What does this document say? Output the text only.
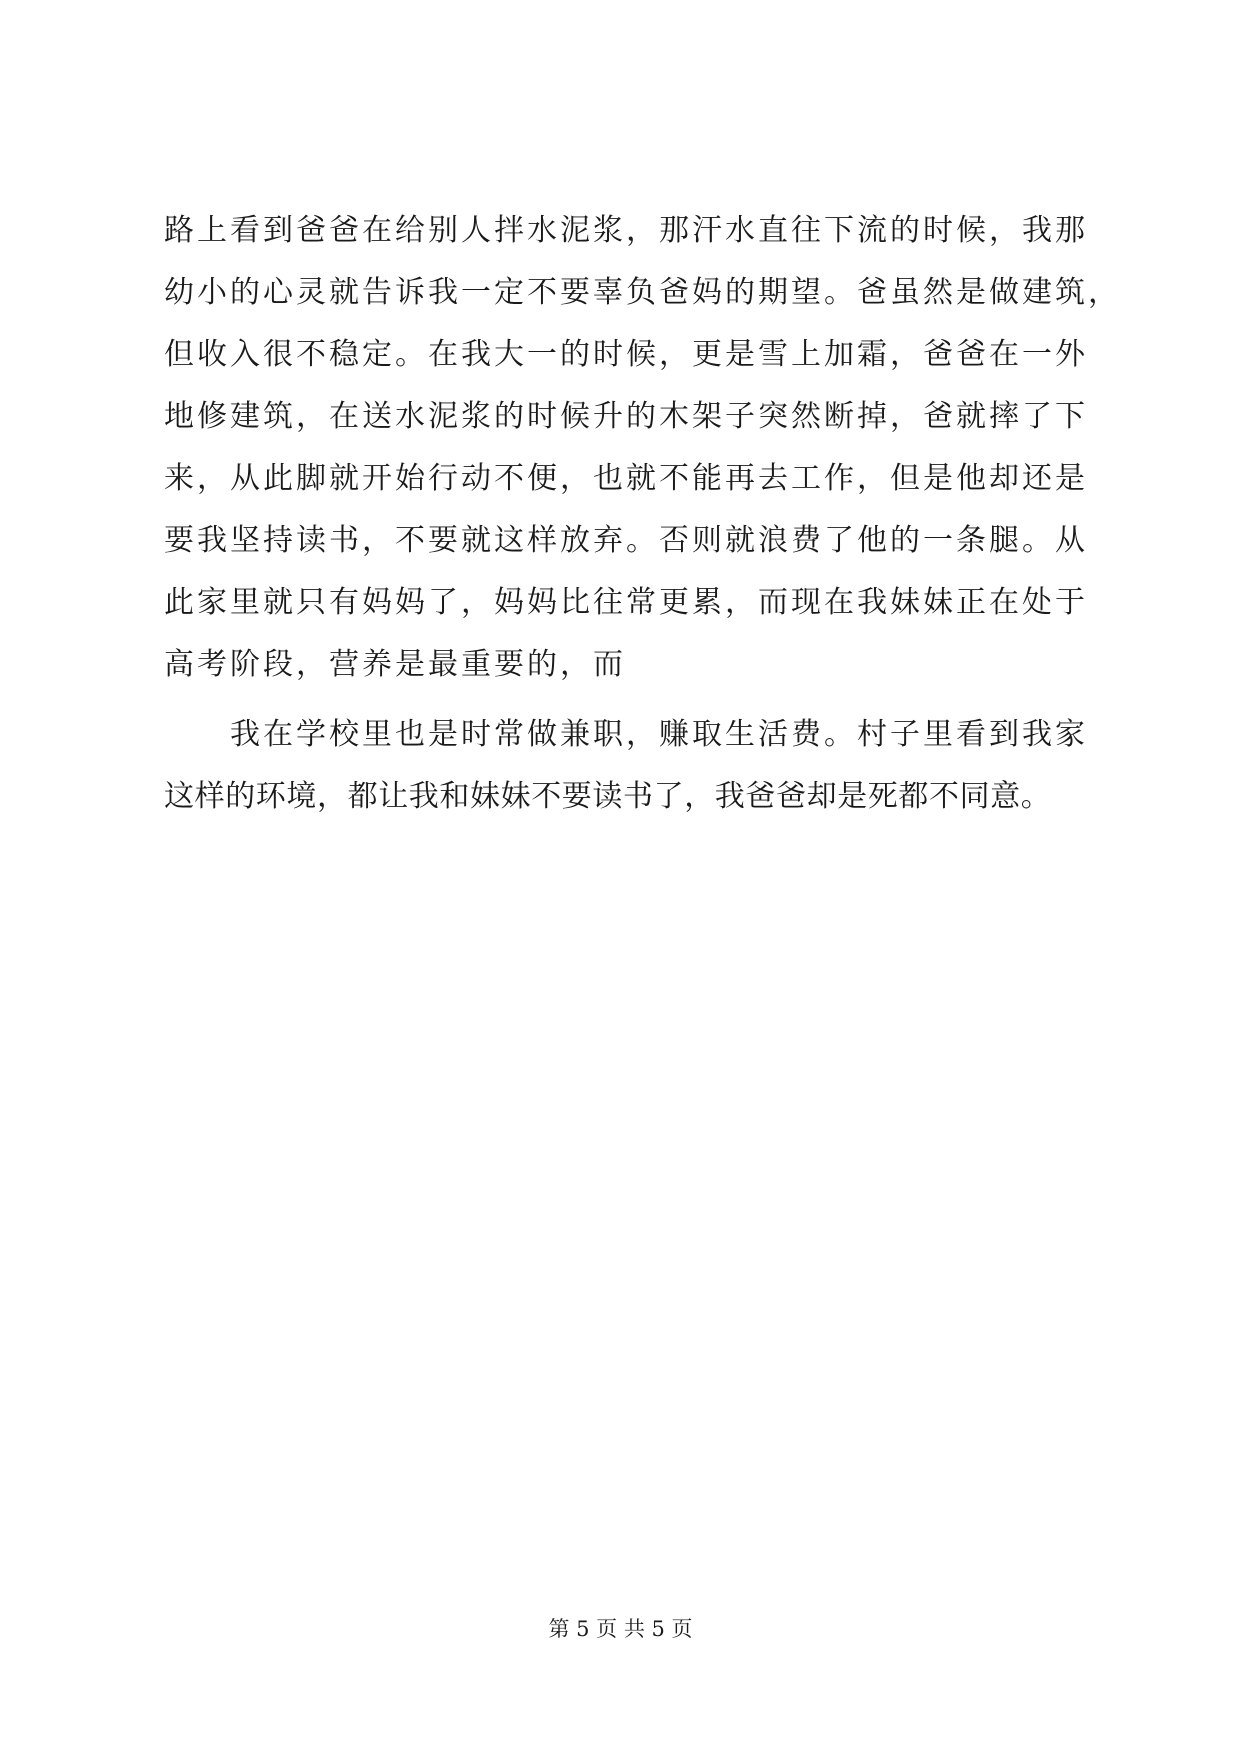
路上看到爸爸在给别人拌水泥浆，那汗水直往下流的时候，我那
幼小的心灵就告诉我一定不要辜负爸妈的期望。爸虽然是做建筑，
但收入很不稳定。在我大一的时候，更是雪上加霜，爸爸在一外
地修建筑，在送水泥浆的时候升的木架子突然断掉，爸就摔了下
来，从此脚就开始行动不便，也就不能再去工作，但是他却还是
要我坚持读书，不要就这样放弃。否则就浪费了他的一条腿。从
此家里就只有妈妈了，妈妈比往常更累，而现在我妹妹正在处于
高考阶段，营养是最重要的，而
我在学校里也是时常做兼职，赚取生活费。村子里看到我家
这样的环境，都让我和妹妹不要读书了，我爸爸却是死都不同意。
第 5 页 共 5 页
